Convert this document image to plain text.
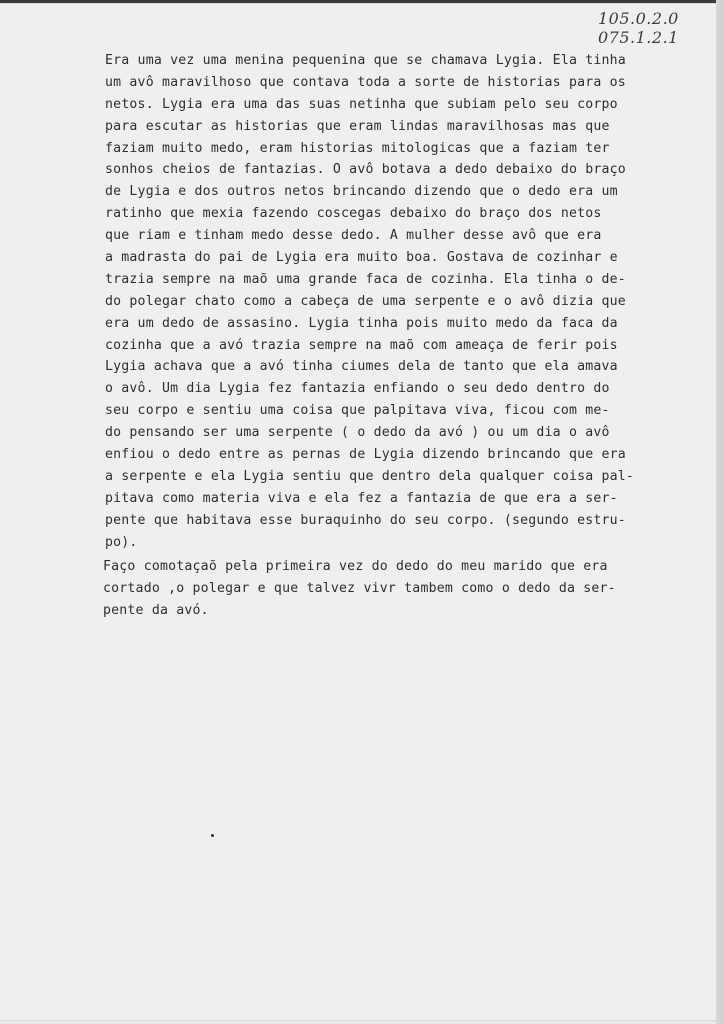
105.0.2.0
075.1.2.1
Era uma vez uma menina pequenina que se chamava Lygia. Ela tinha
um avô maravilhoso que contava toda a sorte de historias para os
netos. Lygia era uma das suas netinha que subiam pelo seu corpo
para escutar as historias que eram lindas maravilhosas mas que
faziam muito medo, eram historias mitologicas que a faziam ter
sonhos cheios de fantazias. O avô botava a dedo debaixo do braço
de Lygia e dos outros netos brincando dizendo que o dedo era um
ratinho que mexia fazendo coscegas debaixo do braço dos netos
que riam e tinham medo desse dedo. A mulher desse avô que era
a madrasta do pai de Lygia era muito boa. Gostava de cozinhar e
trazia sempre na maõ uma grande faca de cozinha. Ela tinha o de-
do polegar chato como a cabeça de uma serpente e o avô dizia que
era um dedo de assasino. Lygia tinha pois muito medo da faca da
cozinha que a avó trazia sempre na maõ com ameaça de ferir pois
Lygia achava que a avó tinha ciumes dela de tanto que ela amava
o avô. Um dia Lygia fez fantazia enfiando o seu dedo dentro do
seu corpo e sentiu uma coisa que palpitava viva, ficou com me-
do pensando ser uma serpente ( o dedo da avó ) ou um dia o avô
enfiou o dedo entre as pernas de Lygia dizendo brincando que era
a serpente e ela Lygia sentiu que dentro dela qualquer coisa pal-
pitava como materia viva e ela fez a fantazia de que era a ser-
pente que habitava esse buraquinho do seu corpo. (segundo estru-
po).
Faço comotaçaõ pela primeira vez do dedo do meu marido que era
cortado ,o polegar e que talvez vivr tambem como o dedo da ser-
pente da avó.
